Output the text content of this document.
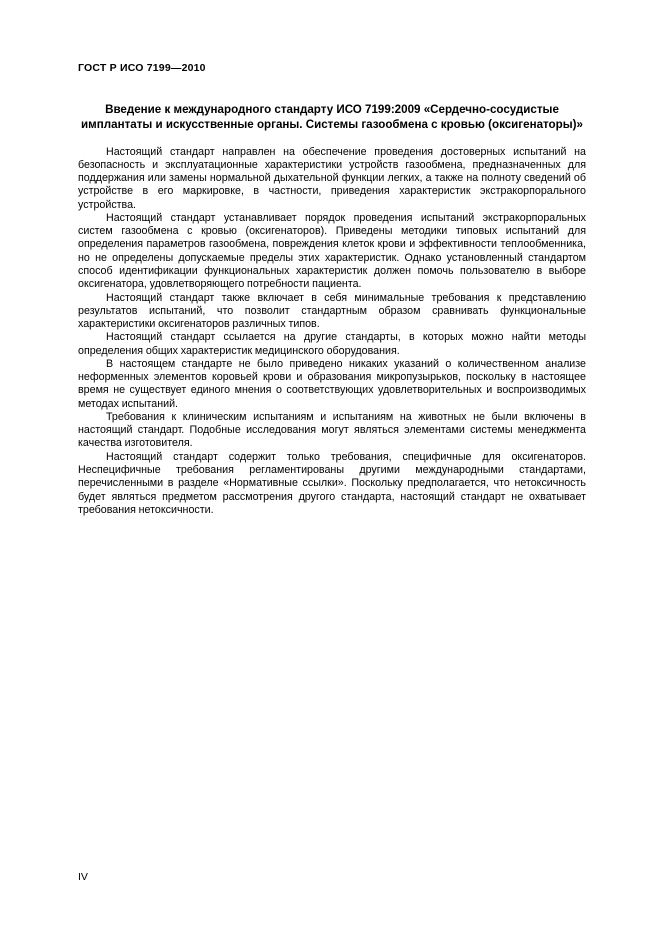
ГОСТ Р ИСО 7199—2010
Введение к международного стандарту ИСО 7199:2009 «Сердечно-сосудистые имплантаты и искусственные органы. Системы газообмена с кровью (оксигенаторы)»

Настоящий стандарт направлен на обеспечение проведения достоверных испытаний на безопасность и эксплуатационные характеристики устройств газообмена, предназначенных для поддержания или замены нормальной дыхательной функции легких, а также на полноту сведений об устройстве в его маркировке, в частности, приведения характеристик экстракорпорального устройства.

Настоящий стандарт устанавливает порядок проведения испытаний экстракорпоральных систем газообмена с кровью (оксигенаторов). Приведены методики типовых испытаний для определения параметров газообмена, повреждения клеток крови и эффективности теплообменника, но не определены допускаемые пределы этих характеристик. Однако установленный стандартом способ идентификации функциональных характеристик должен помочь пользователю в выборе оксигенатора, удовлетворяющего потребности пациента.

Настоящий стандарт также включает в себя минимальные требования к представлению результатов испытаний, что позволит стандартным образом сравнивать функциональные характеристики оксигенаторов различных типов.

Настоящий стандарт ссылается на другие стандарты, в которых можно найти методы определения общих характеристик медицинского оборудования.

В настоящем стандарте не было приведено никаких указаний о количественном анализе неформенных элементов коровьей крови и образования микропузырьков, поскольку в настоящее время не существует единого мнения о соответствующих удовлетворительных и воспроизводимых методах испытаний.

Требования к клиническим испытаниям и испытаниям на животных не были включены в настоящий стандарт. Подобные исследования могут являться элементами системы менеджмента качества изготовителя.

Настоящий стандарт содержит только требования, специфичные для оксигенаторов. Неспецифичные требования регламентированы другими международными стандартами, перечисленными в разделе «Нормативные ссылки». Поскольку предполагается, что нетоксичность будет являться предметом рассмотрения другого стандарта, настоящий стандарт не охватывает требования нетоксичности.

IV
